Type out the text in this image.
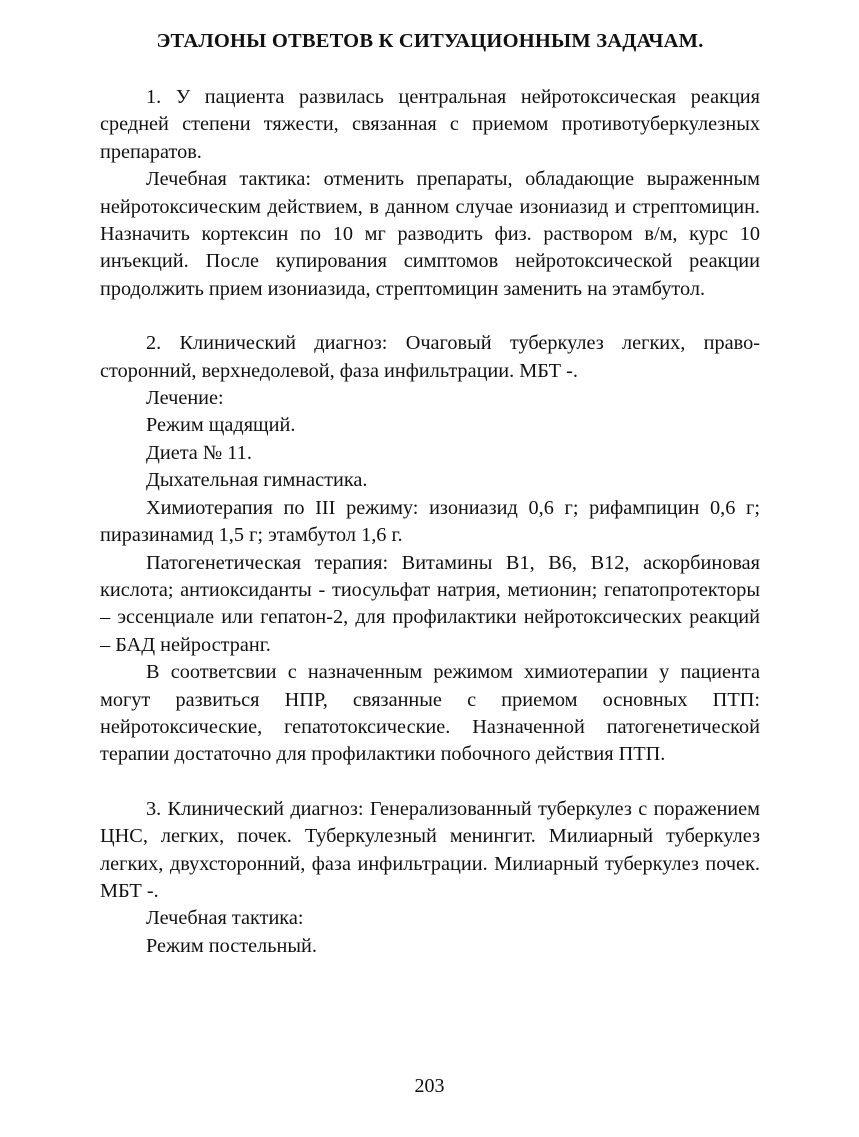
ЭТАЛОНЫ ОТВЕТОВ К СИТУАЦИОННЫМ ЗАДАЧАМ.

1. У пациента развилась центральная нейротоксическая реакция средней степени тяжести, связанная с приемом противотуберкулезных препаратов.

Лечебная тактика: отменить препараты, обладающие выраженным нейротоксическим действием, в данном случае изониазид и стрептомицин. Назначить кортексин по 10 мг разводить физ. раствором в/м, курс 10 инъекций. После купирования симптомов нейротоксической реакции продолжить прием изониазида, стрептомицин заменить на этамбутол.

2. Клинический диагноз: Очаговый туберкулез легких, правосторонний, верхнедолевой, фаза инфильтрации. МБТ -.

Лечение:

Режим щадящий.

Диета № 11.

Дыхательная гимнастика.

Химиотерапия по III режиму: изониазид 0,6 г; рифампицин 0,6 г; пиразинамид 1,5 г; этамбутол 1,6 г.

Патогенетическая терапия: Витамины В1, В6, В12, аскорбиновая кислота; антиоксиданты - тиосульфат натрия, метионин; гепатопротекторы – эссенциале или гепатон-2, для профилактики нейротоксических реакций – БАД нейространг.

В соответсвии с назначенным режимом химиотерапии у пациента могут развиться НПР, связанные с приемом основных ПТП: нейротоксические, гепатотоксические. Назначенной патогенетической терапии достаточно для профилактики побочного действия ПТП.

3. Клинический диагноз: Генерализованный туберкулез с поражением ЦНС, легких, почек. Туберкулезный менингит. Милиарный туберкулез легких, двухсторонний, фаза инфильтрации. Милиарный туберкулез почек. МБТ -.

Лечебная тактика:

Режим постельный.

203
